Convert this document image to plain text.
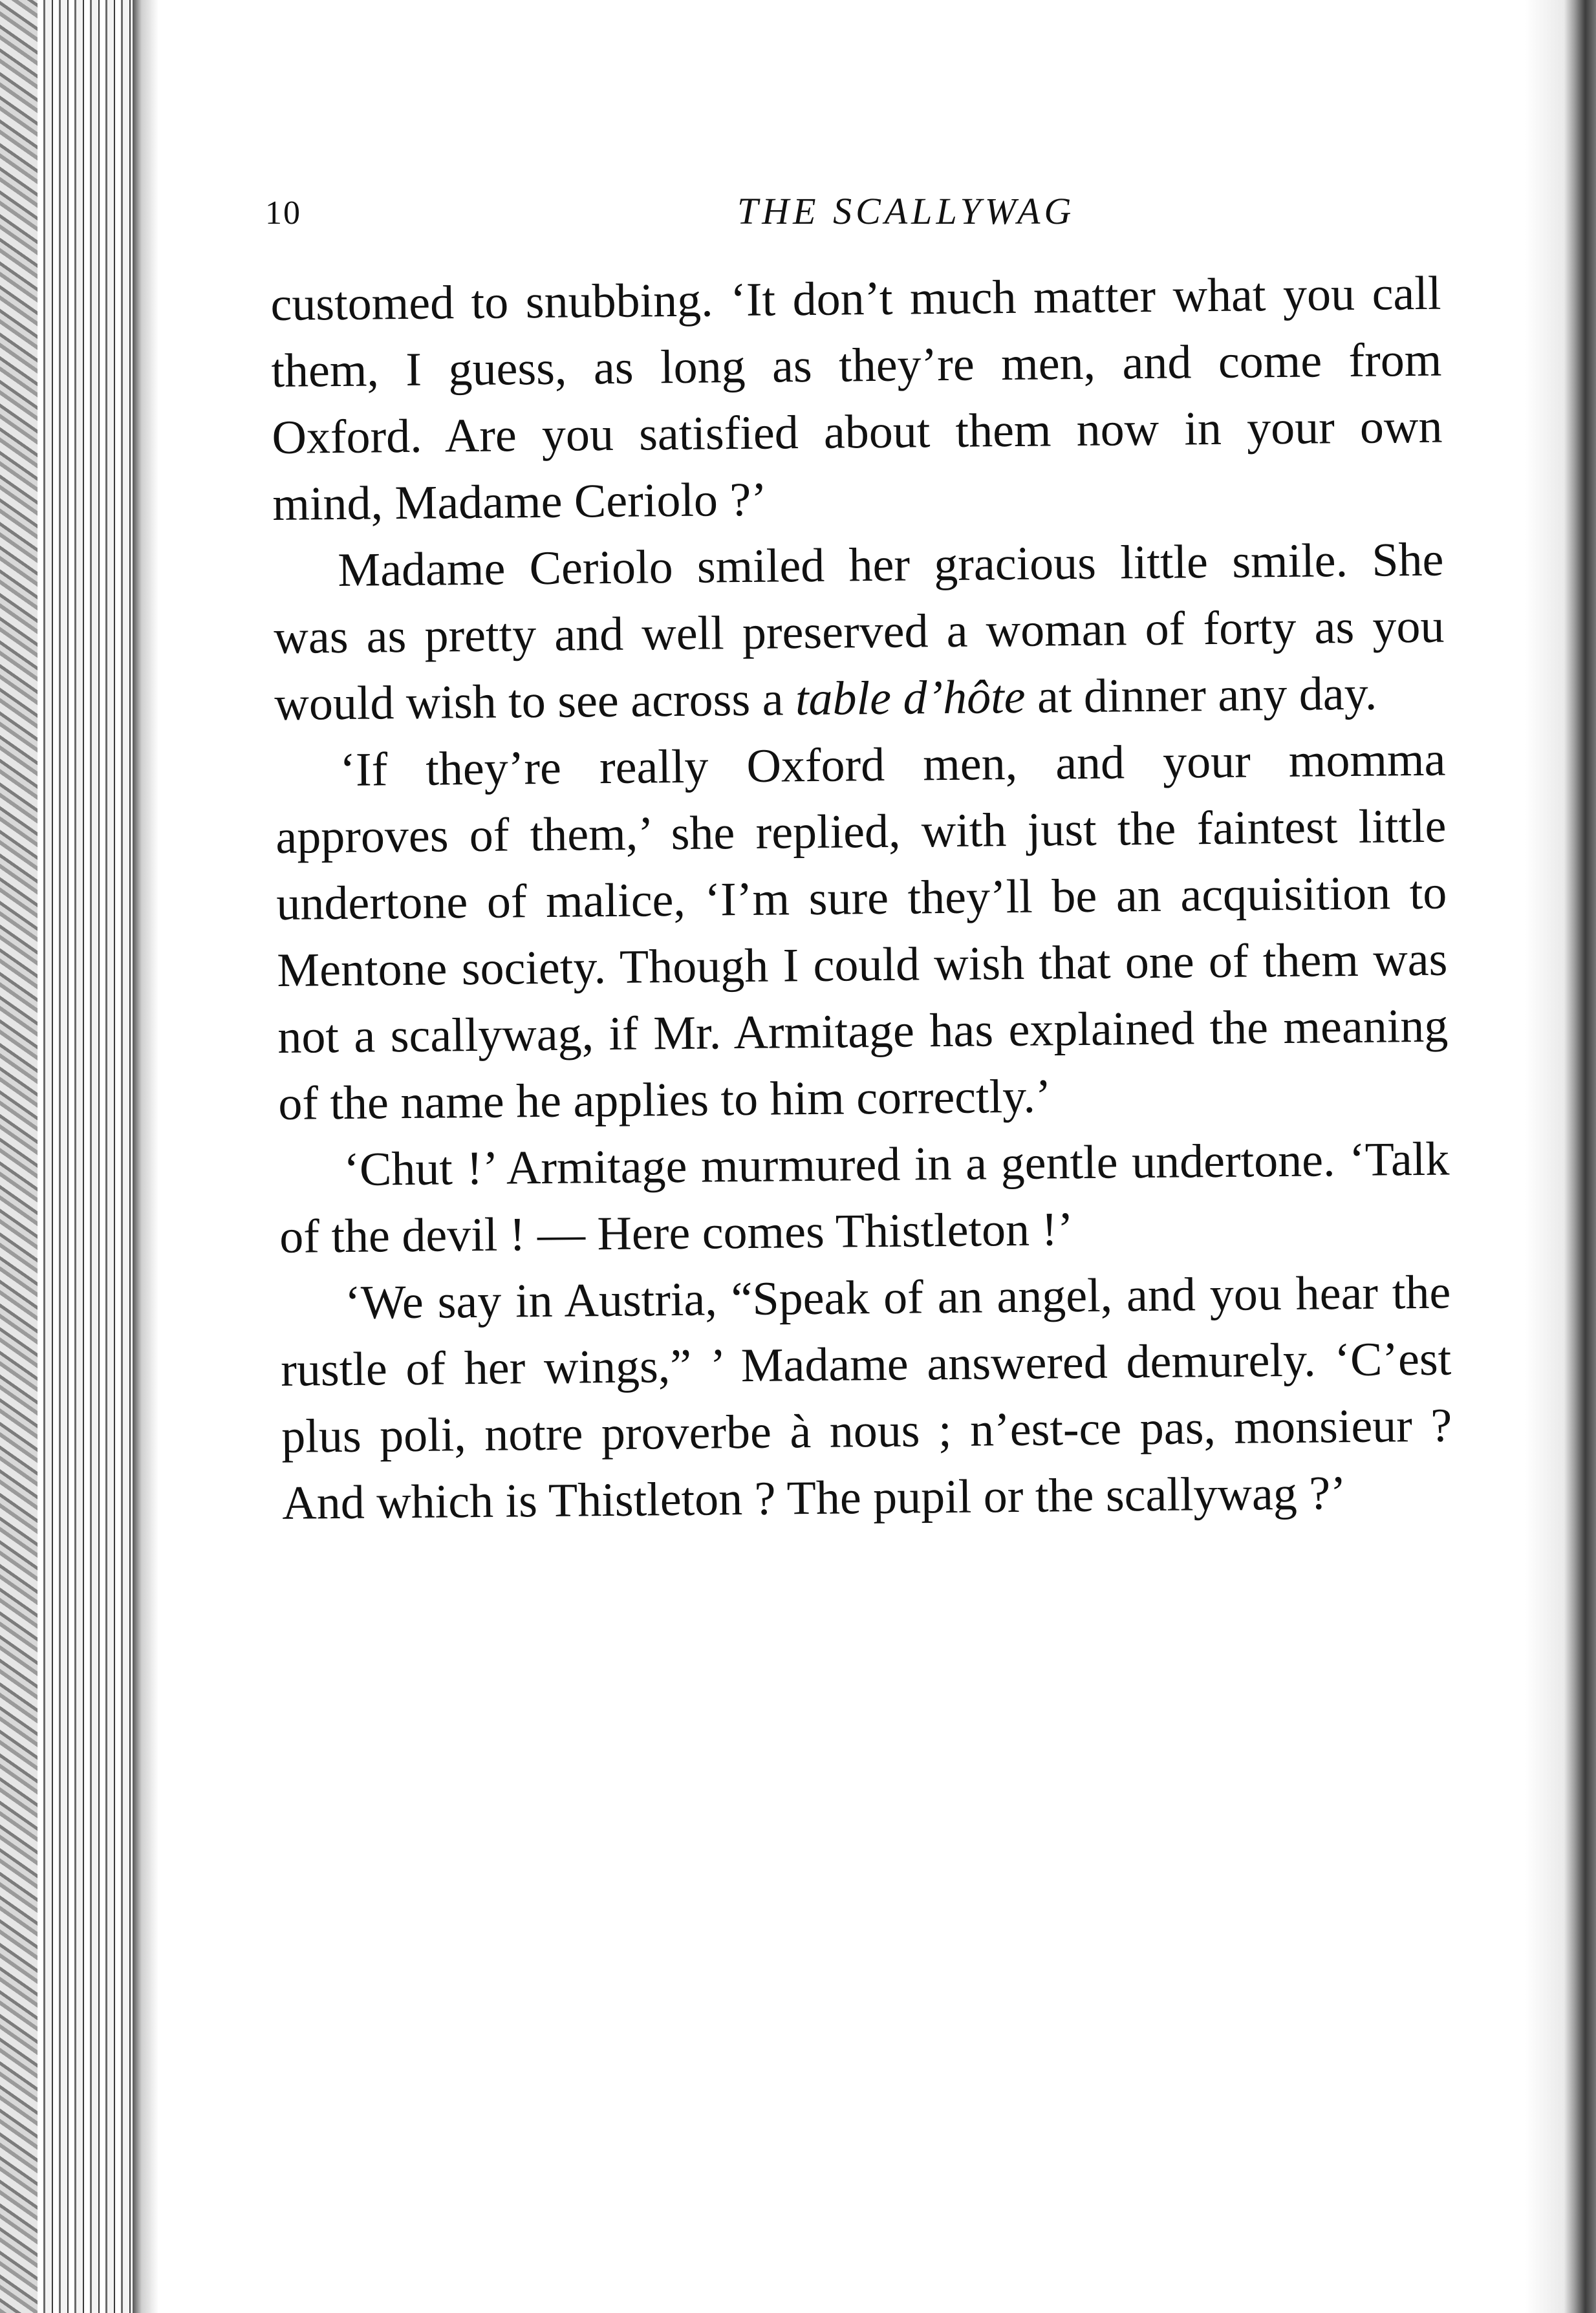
10	THE SCALLYWAG

customed to snubbing. ‘It don’t much matter what you call them, I guess, as long as they’re men, and come from Oxford. Are you satisfied about them now in your own mind, Madame Ceriolo ?’

Madame Ceriolo smiled her gracious little smile. She was as pretty and well preserved a woman of forty as you would wish to see across a table d’hôte at dinner any day.

‘If they’re really Oxford men, and your momma approves of them,’ she replied, with just the faintest little undertone of malice, ‘I’m sure they’ll be an acquisition to Mentone society. Though I could wish that one of them was not a scallywag, if Mr. Armitage has explained the meaning of the name he applies to him correctly.’

‘Chut !’ Armitage murmured in a gentle undertone. ‘Talk of the devil ! — Here comes Thistleton !’

‘We say in Austria, “Speak of an angel, and you hear the rustle of her wings,” ’ Madame answered demurely. ‘C’est plus poli, notre proverbe à nous ; n’est-ce pas, monsieur ? And which is Thistleton ? The pupil or the scallywag ?’
